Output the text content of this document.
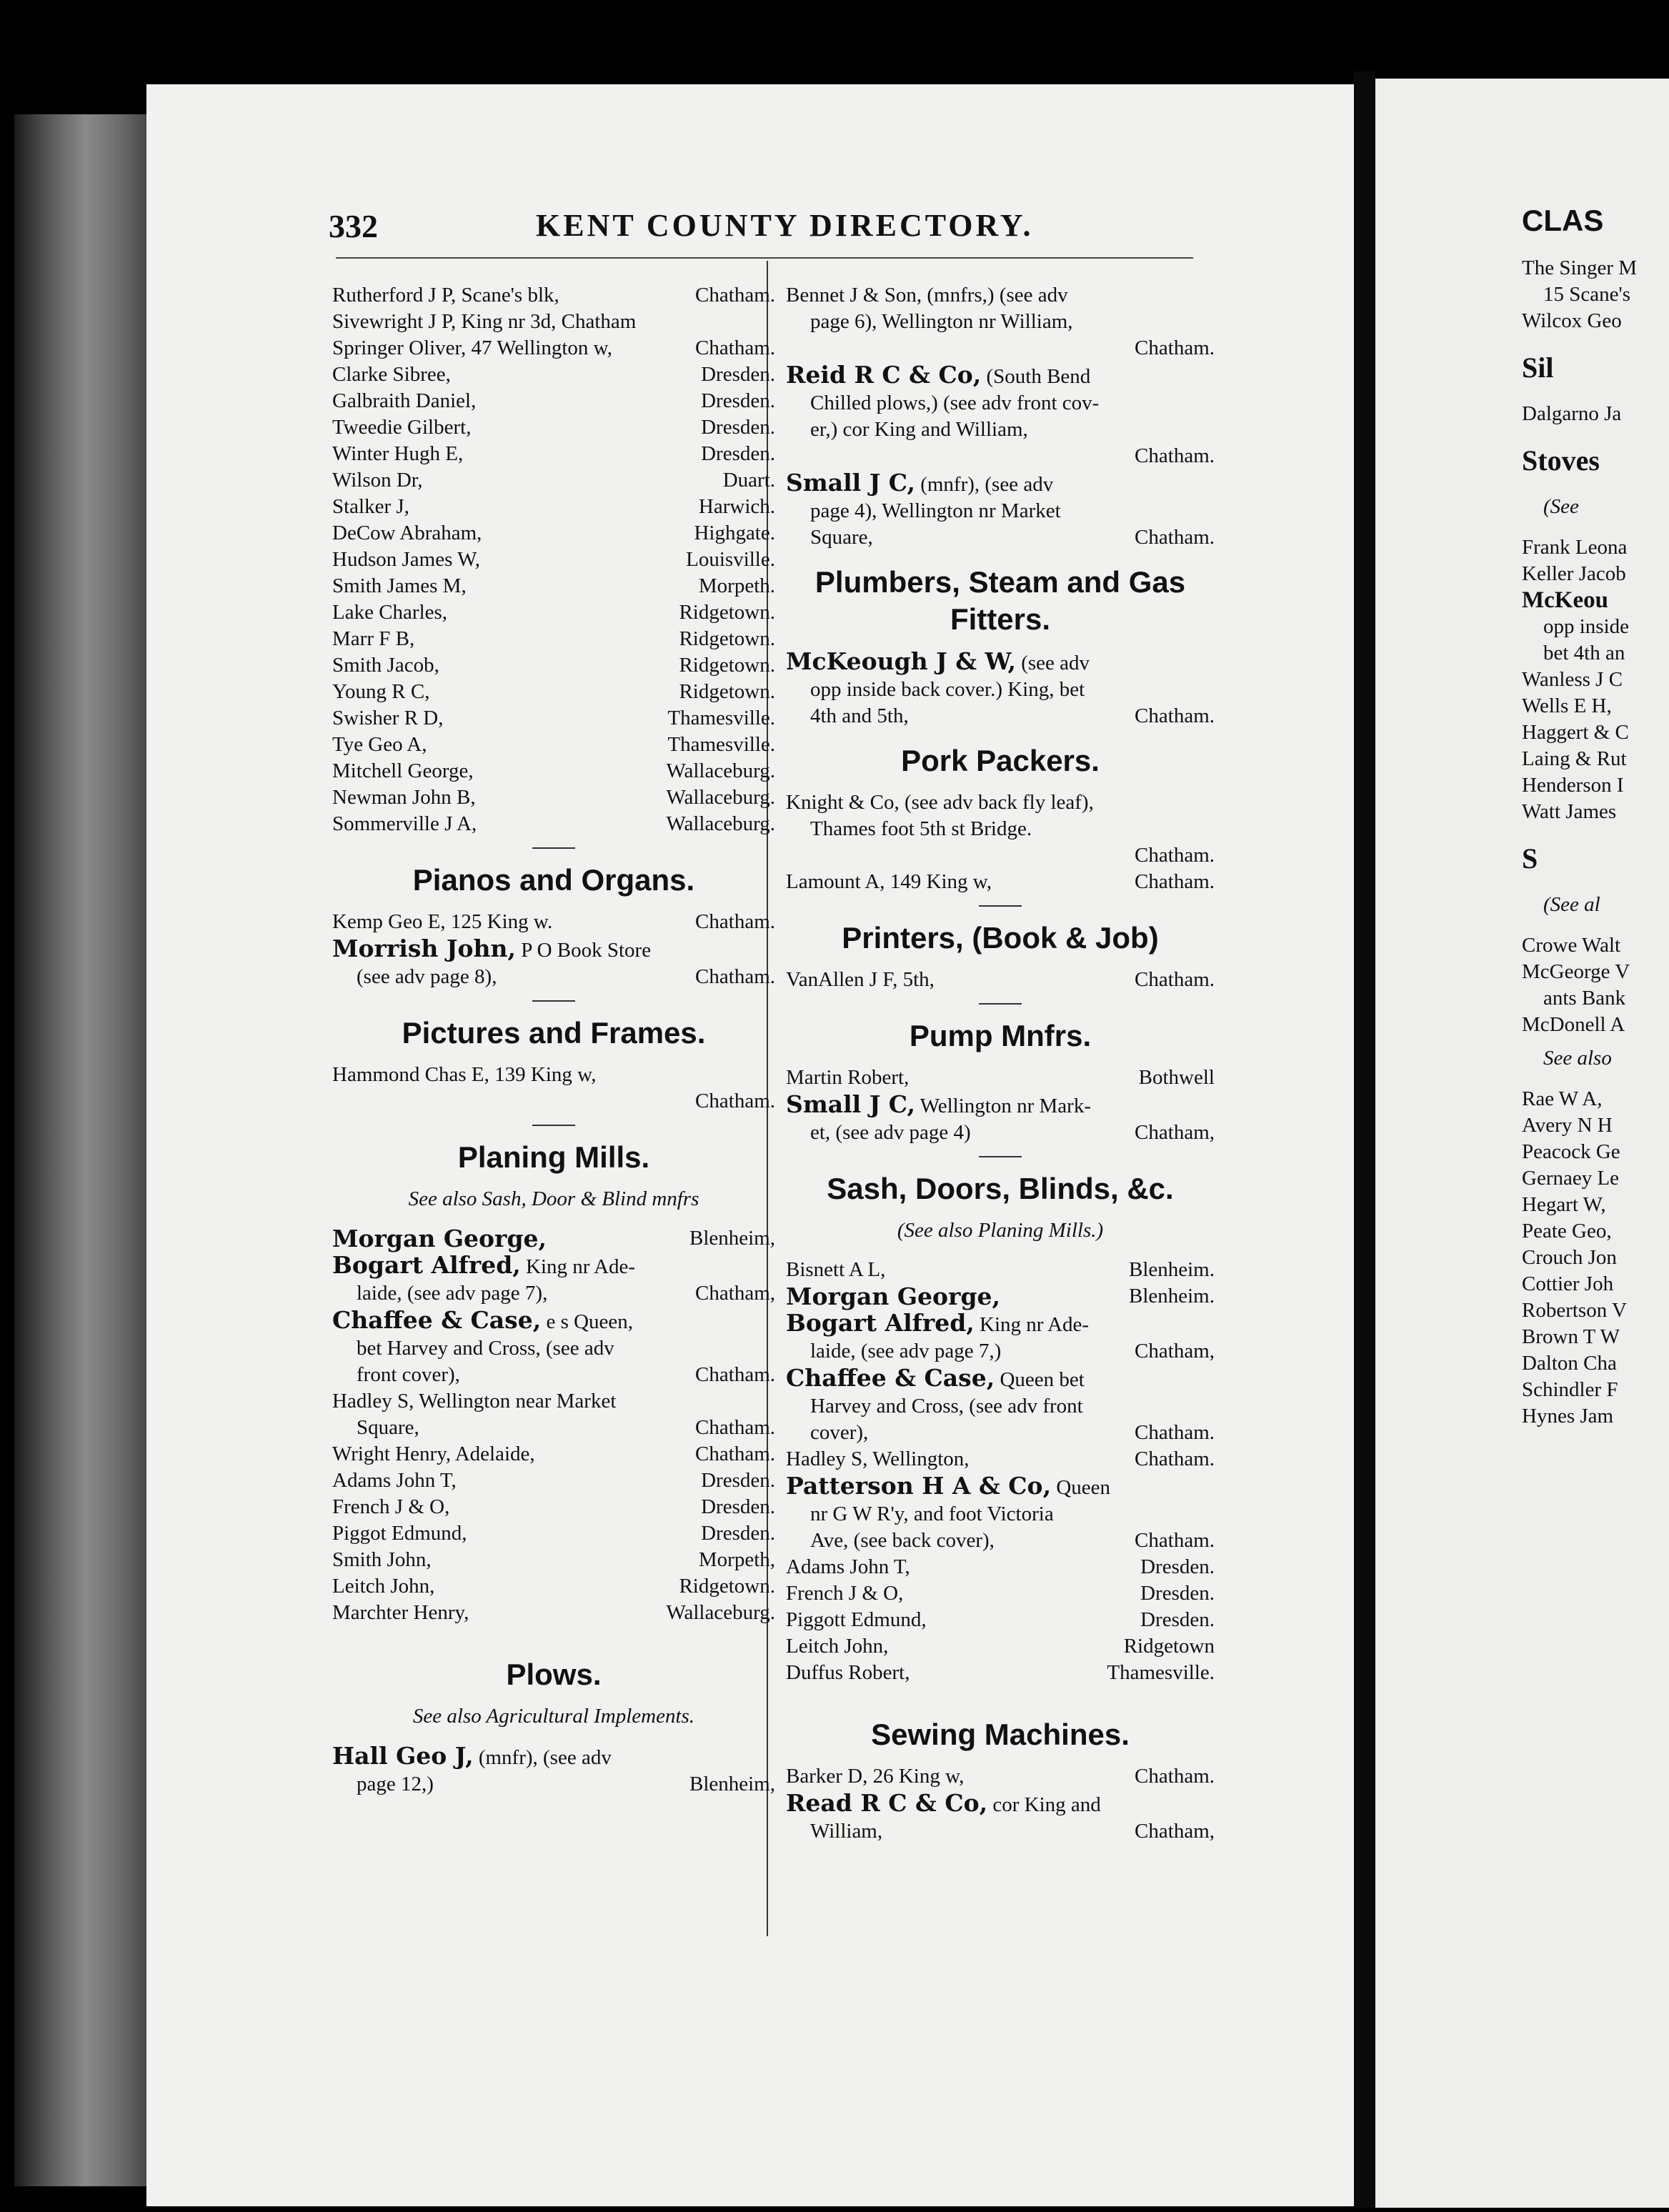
332	KENT COUNTY DIRECTORY.
Rutherford J P, Scane's blk,	Chatham.
Sivewright J P, King nr 3d, Chatham
Springer Oliver, 47 Wellington w,	Chatham.
Clarke Sibree,	Dresden.
Galbraith Daniel,	Dresden.
Tweedie Gilbert,	Dresden.
Winter Hugh E,	Dresden.
Wilson Dr,	Duart.
Stalker J,	Harwich.
DeCow Abraham,	Highgate.
Hudson James W,	Louisville.
Smith James M,	Morpeth.
Lake Charles,	Ridgetown.
Marr F B,	Ridgetown.
Smith Jacob,	Ridgetown.
Young R C,	Ridgetown.
Swisher R D,	Thamesville.
Tye Geo A,	Thamesville.
Mitchell George,	Wallaceburg.
Newman John B,	Wallaceburg.
Sommerville J A,	Wallaceburg.
Pianos and Organs.
Kemp Geo E, 125 King w.	Chatham.
Morrish John, P O Book Store
(see adv page 8),	Chatham.
Pictures and Frames.
Hammond Chas E, 139 King w,
Chatham.
Planing Mills.
See also Sash, Door & Blind mnfrs
Morgan George,	Blenheim,
Bogart Alfred, King nr Ade-
laide, (see adv page 7),	Chatham,
Chaffee & Case, e s Queen,
bet Harvey and Cross, (see adv
front cover),	Chatham.
Hadley S, Wellington near Market
Square,	Chatham.
Wright Henry, Adelaide,	Chatham.
Adams John T,	Dresden.
French J & O,	Dresden.
Piggot Edmund,	Dresden.
Smith John,	Morpeth,
Leitch John,	Ridgetown.
Marchter Henry,	Wallaceburg.
Plows.
See also Agricultural Implements.
Hall Geo J, (mnfr), (see adv
page 12,)	Blenheim,
Bennet J & Son, (mnfrs,) (see adv
page 6), Wellington nr William,
Chatham.
Reid R C & Co, (South Bend
Chilled plows,) (see adv front cov-
er,) cor King and William,
Chatham.
Small J C, (mnfr), (see adv
page 4), Wellington nr Market
Square,	Chatham.
Plumbers, Steam and Gas Fitters.
McKeough J & W, (see adv
opp inside back cover.) King, bet
4th and 5th,	Chatham.
Pork Packers.
Knight & Co, (see adv back fly leaf),
Thames foot 5th st Bridge.
Chatham.
Lamount A, 149 King w,	Chatham.
Printers, (Book & Job)
VanAllen J F, 5th,	Chatham.
Pump Mnfrs.
Martin Robert,	Bothwell
Small J C, Wellington nr Mark-
et, (see adv page 4)	Chatham,
Sash, Doors, Blinds, &c.
(See also Planing Mills.)
Bisnett A L,	Blenheim.
Morgan George,	Blenheim.
Bogart Alfred, King nr Ade-
laide, (see adv page 7,)	Chatham,
Chaffee & Case, Queen bet
Harvey and Cross, (see adv front
cover),	Chatham.
Hadley S, Wellington,	Chatham.
Patterson H A & Co, Queen
nr G W R'y, and foot Victoria
Ave, (see back cover),	Chatham.
Adams John T,	Dresden.
French J & O,	Dresden.
Piggott Edmund,	Dresden.
Leitch John,	Ridgetown
Duffus Robert,	Thamesville.
Sewing Machines.
Barker D, 26 King w,	Chatham.
Read R C & Co, cor King and
William,	Chatham,
CLAS
The Singer M
15 Scane's
Wilcox Geo
Sil
Dalgarno Ja
Stoves
(See
Frank Leona
Keller Jacob
McKeou
opp inside
bet 4th an
Wanless J C
Wells E H,
Haggert & C
Laing & Rut
Henderson I
Watt James
S
(See al
Crowe Walt
McGeorge V
ants Bank
McDonell A
See also
Rae W A,
Avery N H
Peacock Ge
Gernaey Le
Hegart W,
Peate Geo,
Crouch Jon
Cottier Joh
Robertson V
Brown T W
Dalton Cha
Schindler F
Hynes Jam
